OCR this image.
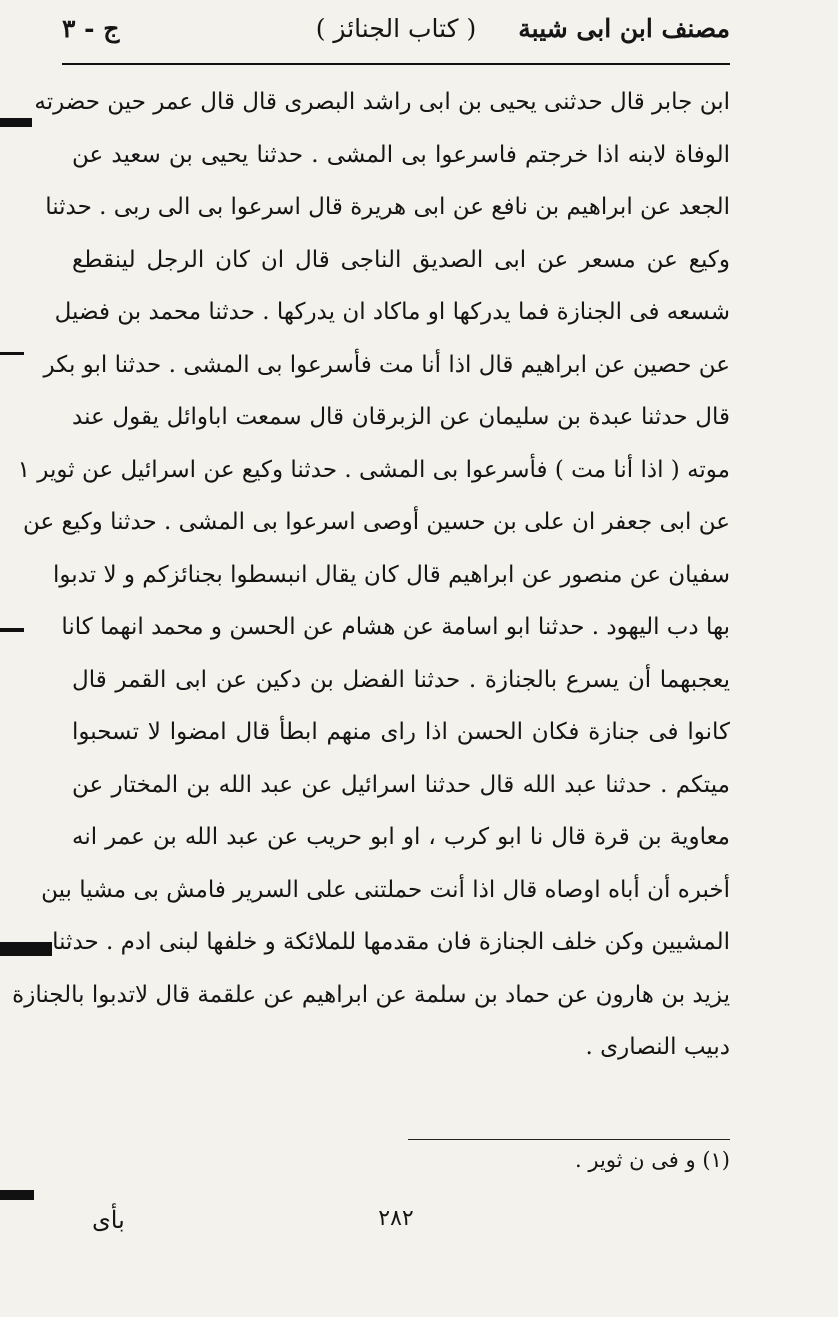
مصنف ابن ابی شیبة
( كتاب الجنائز )
ج - ٣
ابن جابر قال حدثنی یحیی بن ابی راشد البصری قال قال عمر حین حضرته
الوفاة لابنه اذا خرجتم فاسرعوا بی المشی . حدثنا یحیی بن سعید عن
الجعد عن ابراهیم بن نافع عن ابی هریرة قال اسرعوا بی الی ربی . حدثنا
وکیع عن مسعر عن ابی الصدیق الناجی قال ان کان الرجل لینقطع
شسعه فی الجنازة فما یدرکها او ماکاد ان یدرکها . حدثنا محمد بن فضیل
عن حصین عن ابراهیم قال اذا أنا مت فأسرعوا بی المشی . حدثنا ابو بکر
قال حدثنا عبدة بن سلیمان عن الزبرقان قال سمعت اباوائل یقول عند
موته ( اذا أنا مت ) فأسرعوا بی المشی . حدثنا وکیع عن اسرائیل عن ثویر ١
عن ابی جعفر ان علی بن حسین أوصی اسرعوا بی المشی . حدثنا وکیع عن
سفیان عن منصور عن ابراهیم قال کان یقال انبسطوا بجنائزکم و لا تدبوا
بها دب الیهود . حدثنا ابو اسامة عن هشام عن الحسن و محمد انهما کانا
یعجبهما أن یسرع بالجنازة . حدثنا الفضل بن دکین عن ابی القمر قال
کانوا فی جنازة فکان الحسن اذا رای منهم ابطأ قال امضوا لا تسحبوا
میتکم . حدثنا عبد الله قال حدثنا اسرائیل عن عبد الله بن المختار عن
معاویة بن قرة قال نا ابو کرب ، او ابو حریب عن عبد الله بن عمر انه
أخبره أن أباه اوصاه قال اذا أنت حملتنی علی السریر فامش بی مشیا بین
المشیین وکن خلف الجنازة فان مقدمها للملائکة و خلفها لبنی ادم . حدثنا
یزید بن هارون عن حماد بن سلمة عن ابراهیم عن علقمة قال لاتدبوا بالجنازة
دبیب النصاری .
(١) و فی ن ثویر .
٢٨٢
بأی
